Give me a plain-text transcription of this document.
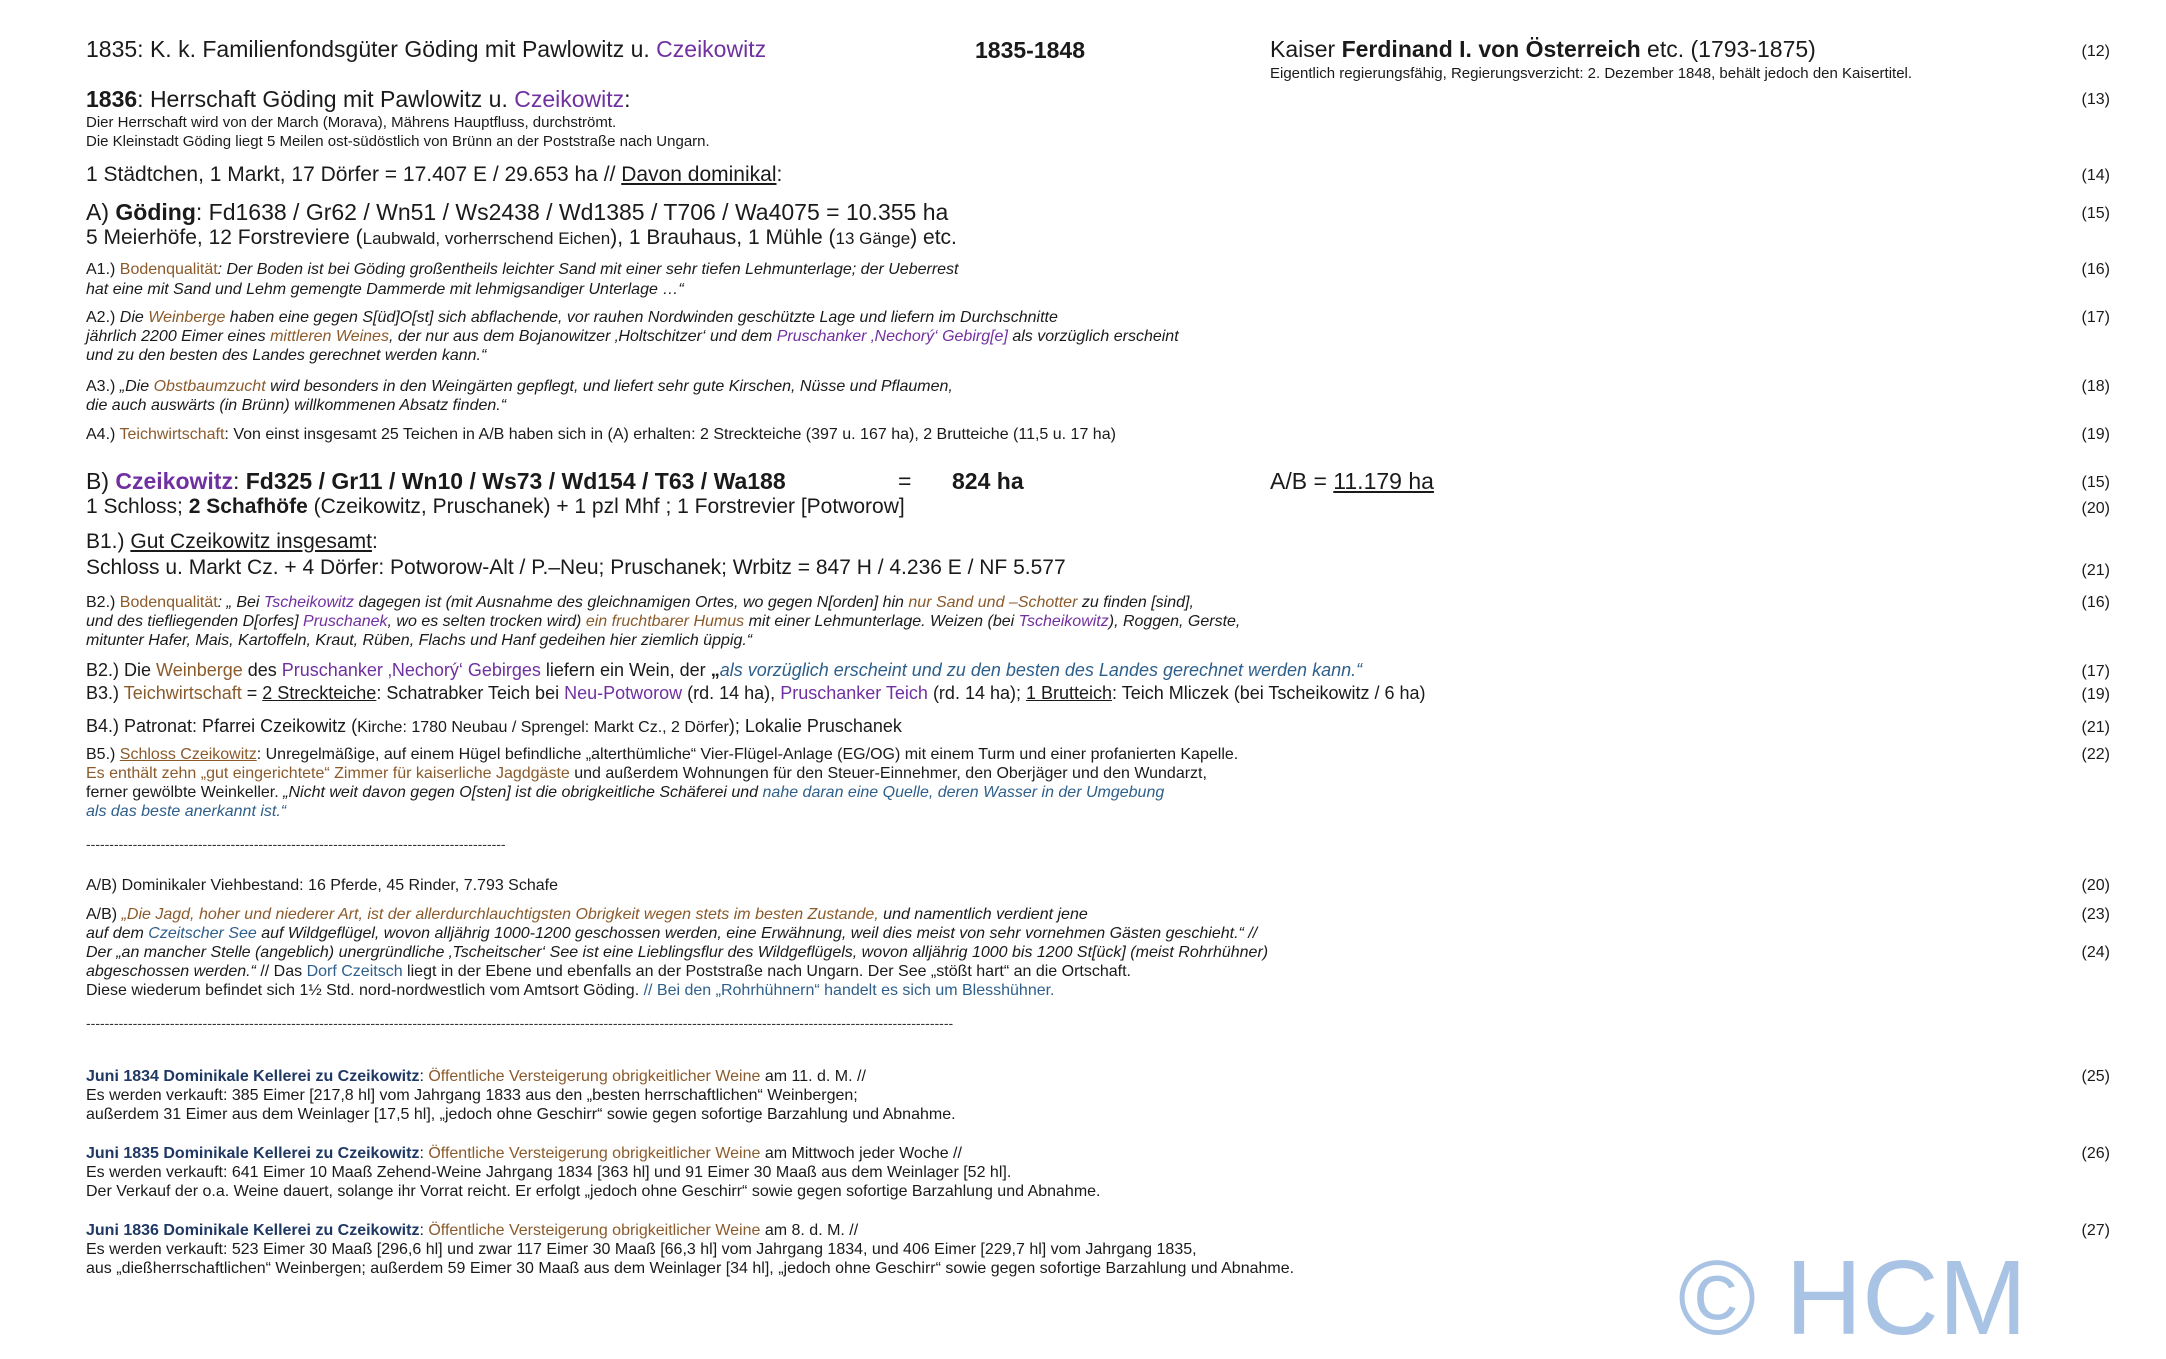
1835: K. k. Familienfondsgüter Göding mit Pawlowitz u. Czeikowitz	1835-1848	Kaiser Ferdinand I. von Österreich etc. (1793-1875)
Eigentlich regierungsfähig, Regierungsverzicht: 2. Dezember 1848, behält jedoch den Kaisertitel.
(12)
1836: Herrschaft Göding mit Pawlowitz u. Czeikowitz:	(13)
Dier Herrschaft wird von der March (Morava), Mährens Hauptfluss, durchströmt.
Die Kleinstadt Göding liegt 5 Meilen ost-südöstlich von Brünn an der Poststraße nach Ungarn.
1 Städtchen, 1 Markt, 17 Dörfer = 17.407 E / 29.653 ha // Davon dominikal:	(14)
A) Göding: Fd1638 / Gr62 / Wn51 / Ws2438 / Wd1385 / T706 / Wa4075 = 10.355 ha	(15)
5 Meierhöfe, 12 Forstreviere (Laubwald, vorherrschend Eichen), 1 Brauhaus, 1 Mühle (13 Gänge) etc.
A1.) Bodenqualität: Der Boden ist bei Göding großentheils leichter Sand mit einer sehr tiefen Lehmunterlage; der Ueberrest
hat eine mit Sand und Lehm gemengte Dammerde mit lehmigsandiger Unterlage …“
(16)
A2.) Die Weinberge haben eine gegen S[üd]O[st] sich abflachende, vor rauhen Nordwinden geschützte Lage und liefern im Durchschnitte
jährlich 2200 Eimer eines mittleren Weines, der nur aus dem Bojanowitzer ‚Holtschitzer‘ und dem Pruschanker ‚Nechorý‘ Gebirg[e] als vorzüglich erscheint
und zu den besten des Landes gerechnet werden kann.“
(17)
A3.) „Die Obstbaumzucht wird besonders in den Weingärten gepflegt, und liefert sehr gute Kirschen, Nüsse und Pflaumen,
die auch auswärts (in Brünn) willkommenen Absatz finden.“
(18)
A4.) Teichwirtschaft: Von einst insgesamt 25 Teichen in A/B haben sich in (A) erhalten: 2 Streckteiche (397 u. 167 ha), 2 Brutteiche (11,5 u. 17 ha)	(19)
B) Czeikowitz: Fd325 / Gr11 / Wn10 / Ws73 / Wd154 / T63 / Wa188	= 824 ha	A/B = 11.179 ha	(15)
1 Schloss; 2 Schafhöfe (Czeikowitz, Pruschanek) + 1 pzl Mhf ; 1 Forstrevier [Potworow]	(20)
B1.) Gut Czeikowitz insgesamt:
Schloss u. Markt Cz. + 4 Dörfer: Potworow-Alt / P.–Neu; Pruschanek; Wrbitz = 847 H / 4.236 E / NF 5.577	(21)
B2.) Bodenqualität: „ Bei Tscheikowitz dagegen ist (mit Ausnahme des gleichnamigen Ortes, wo gegen N[orden] hin nur Sand und –Schotter zu finden [sind],
und des tiefliegenden D[orfes] Pruschanek, wo es selten trocken wird) ein fruchtbarer Humus mit einer Lehmunterlage. Weizen (bei Tscheikowitz), Roggen, Gerste,
mitunter Hafer, Mais, Kartoffeln, Kraut, Rüben, Flachs und Hanf gedeihen hier ziemlich üppig.“
(16)
B2.) Die Weinberge des Pruschanker ‚Nechorý‘ Gebirges liefern ein Wein, der „als vorzüglich erscheint und zu den besten des Landes gerechnet werden kann.“	(17)
B3.) Teichwirtschaft = 2 Streckteiche: Schatrabker Teich bei Neu-Potworow (rd. 14 ha), Pruschanker Teich (rd. 14 ha); 1 Brutteich: Teich Mliczek (bei Tscheikowitz / 6 ha)	(19)
B4.) Patronat: Pfarrei Czeikowitz (Kirche: 1780 Neubau / Sprengel: Markt Cz., 2 Dörfer); Lokalie Pruschanek	(21)
B5.) Schloss Czeikowitz: Unregelmäßige, auf einem Hügel befindliche „alterthümliche“ Vier-Flügel-Anlage (EG/OG) mit einem Turm und einer profanierten Kapelle.
Es enthält zehn „gut eingerichtete“ Zimmer für kaiserliche Jagdgäste und außerdem Wohnungen für den Steuer-Einnehmer, den Oberjäger und den Wundarzt,
ferner gewölbte Weinkeller. „Nicht weit davon gegen O[sten] ist die obrigkeitliche Schäferei und nahe daran eine Quelle, deren Wasser in der Umgebung
als das beste anerkannt ist.“
(22)
------------------------------------------------------------------------------------------
A/B) Dominikaler Viehbestand: 16 Pferde, 45 Rinder, 7.793 Schafe	(20)
A/B) „Die Jagd, hoher und niederer Art, ist der allerdurchlauchtigsten Obrigkeit wegen stets im besten Zustande, und namentlich verdient jene
auf dem Czeitscher See auf Wildgeflügel, wovon alljährig 1000-1200 geschossen werden, eine Erwähnung, weil dies meist von sehr vornehmen Gästen geschieht.“ //
(23)
Der „an mancher Stelle (angeblich) unergründliche ‚Tscheitscher‘ See ist eine Lieblingsflur des Wildgeflügels, wovon alljährig 1000 bis 1200 St[ück] (meist Rohrhühner)	(24)
abgeschossen werden.“ // Das Dorf Czeitsch liegt in der Ebene und ebenfalls an der Poststraße nach Ungarn. Der See „stößt hart“ an die Ortschaft.
Diese wiederum befindet sich 1½ Std. nord-nordwestlich vom Amtsort Göding. // Bei den „Rohrhühnern“ handelt es sich um Blesshühner.
------------------------------------------------------------------------------------------------------------------------------------------------------------------------------------------
Juni 1834 Dominikale Kellerei zu Czeikowitz: Öffentliche Versteigerung obrigkeitlicher Weine am 11. d. M. //
Es werden verkauft: 385 Eimer [217,8 hl] vom Jahrgang 1833 aus den „besten herrschaftlichen“ Weinbergen;
außerdem 31 Eimer aus dem Weinlager [17,5 hl], „jedoch ohne Geschirr“ sowie gegen sofortige Barzahlung und Abnahme.
(25)
Juni 1835 Dominikale Kellerei zu Czeikowitz: Öffentliche Versteigerung obrigkeitlicher Weine am Mittwoch jeder Woche //
Es werden verkauft: 641 Eimer 10 Maaß Zehend-Weine Jahrgang 1834 [363 hl] und 91 Eimer 30 Maaß aus dem Weinlager [52 hl].
Der Verkauf der o.a. Weine dauert, solange ihr Vorrat reicht. Er erfolgt „jedoch ohne Geschirr“ sowie gegen sofortige Barzahlung und Abnahme.
(26)
Juni 1836 Dominikale Kellerei zu Czeikowitz: Öffentliche Versteigerung obrigkeitlicher Weine am 8. d. M. //
Es werden verkauft: 523 Eimer 30 Maaß [296,6 hl] und zwar 117 Eimer 30 Maaß [66,3 hl] vom Jahrgang 1834, und 406 Eimer [229,7 hl] vom Jahrgang 1835,
aus „dießherrschaftlichen“ Weinbergen; außerdem 59 Eimer 30 Maaß aus dem Weinlager [34 hl], „jedoch ohne Geschirr“ sowie gegen sofortige Barzahlung und Abnahme.
(27)
© HCM
